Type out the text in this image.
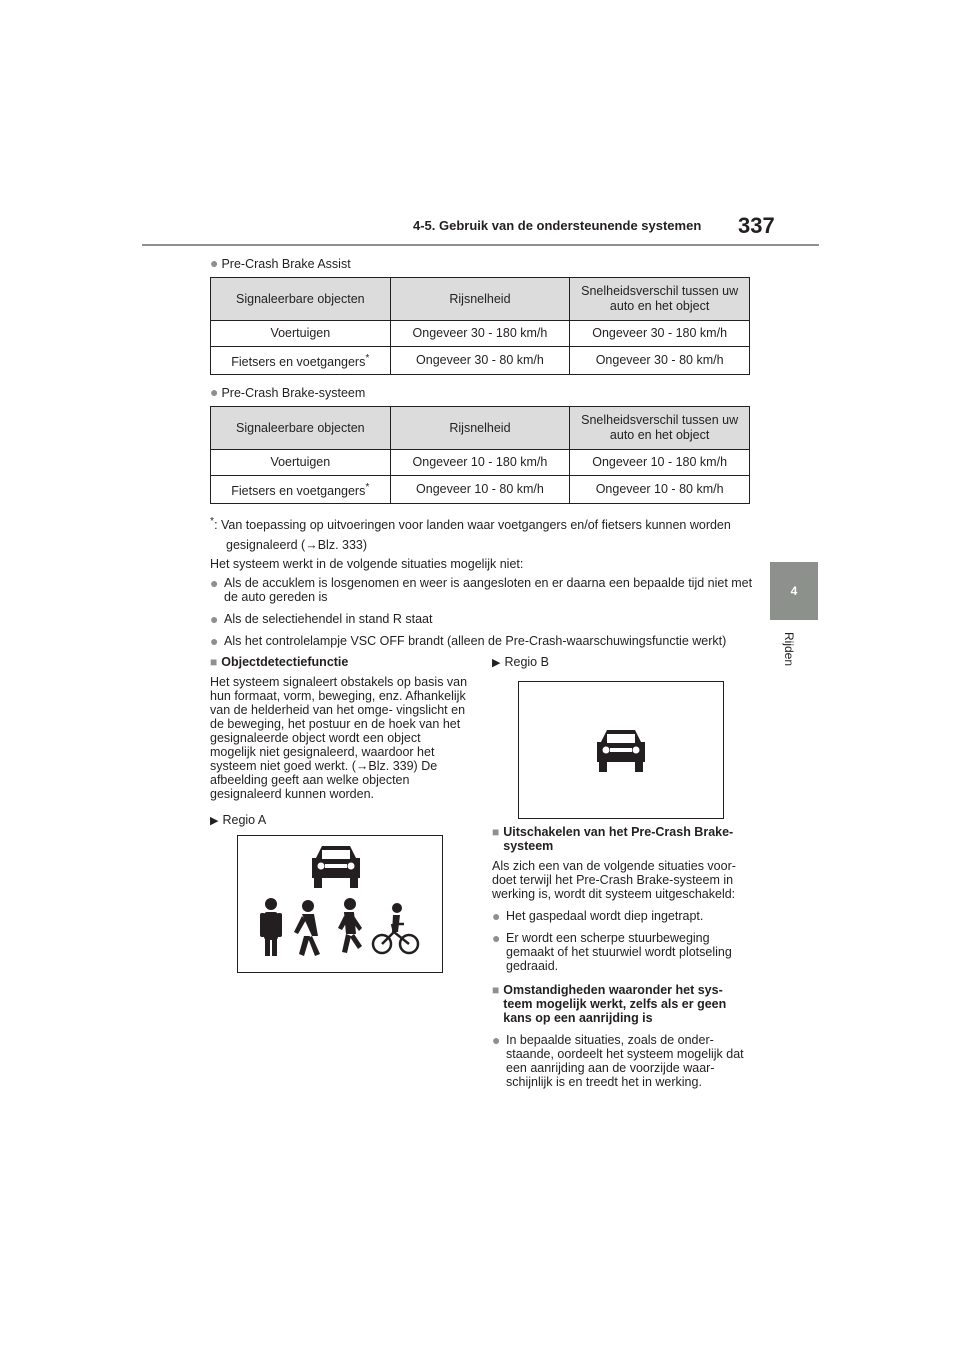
4-5. Gebruik van de ondersteunende systemen 337
4
Rijden
● Pre-Crash Brake Assist
Signaleerbare objecten	Rijsnelheid	Snelheidsverschil tussen uw auto en het object
Voertuigen	Ongeveer 30 - 180 km/h	Ongeveer 30 - 180 km/h
Fietsers en voetgangers*	Ongeveer 30 - 80 km/h	Ongeveer 30 - 80 km/h
● Pre-Crash Brake-systeem
Signaleerbare objecten	Rijsnelheid	Snelheidsverschil tussen uw auto en het object
Voertuigen	Ongeveer 10 - 180 km/h	Ongeveer 10 - 180 km/h
Fietsers en voetgangers*	Ongeveer 10 - 80 km/h	Ongeveer 10 - 80 km/h
*: Van toepassing op uitvoeringen voor landen waar voetgangers en/of fietsers kunnen worden
gesignaleerd (→Blz. 333)
Het systeem werkt in de volgende situaties mogelijk niet:
● Als de accuklem is losgenomen en weer is aangesloten en er daarna een bepaalde tijd niet met de auto gereden is
● Als de selectiehendel in stand R staat
● Als het controlelampje VSC OFF brandt (alleen de Pre-Crash-waarschuwingsfunctie werkt)
■ Objectdetectiefunctie
Het systeem signaleert obstakels op basis van hun formaat, vorm, beweging, enz. Afhankelijk van de helderheid van het omge- vingslicht en de beweging, het postuur en de hoek van het gesignaleerde object wordt een object mogelijk niet gesignaleerd, waardoor het systeem niet goed werkt. (→Blz. 339) De afbeelding geeft aan welke objecten gesignaleerd kunnen worden.
▶ Regio A
▶ Regio B
■ Uitschakelen van het Pre-Crash Brake-systeem
Als zich een van de volgende situaties voor- doet terwijl het Pre-Crash Brake-systeem in werking is, wordt dit systeem uitgeschakeld:
● Het gaspedaal wordt diep ingetrapt.
● Er wordt een scherpe stuurbeweging gemaakt of het stuurwiel wordt plotseling gedraaid.
■ Omstandigheden waaronder het sys- teem mogelijk werkt, zelfs als er geen kans op een aanrijding is
● In bepaalde situaties, zoals de onder- staande, oordeelt het systeem mogelijk dat een aanrijding aan de voorzijde waar- schijnlijk is en treedt het in werking.
